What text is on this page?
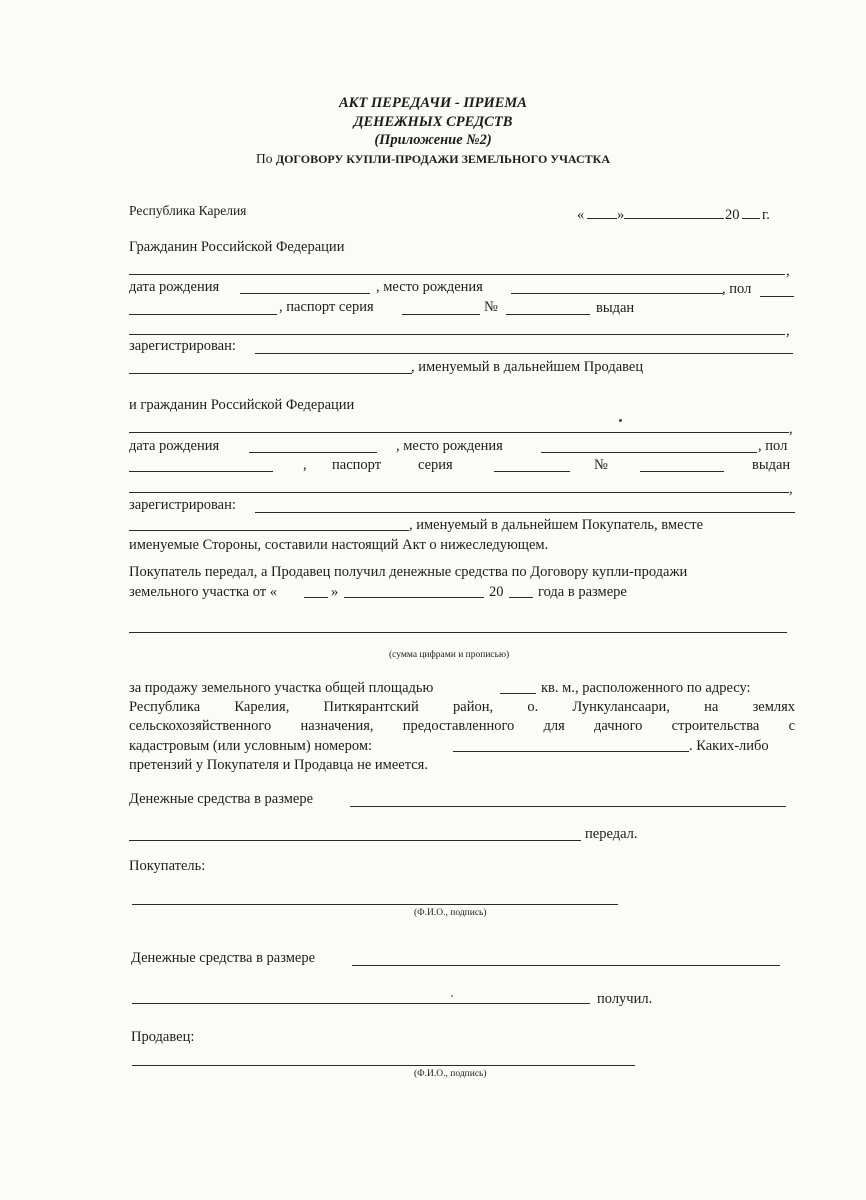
АКТ ПЕРЕДАЧИ - ПРИЕМА
ДЕНЕЖНЫХ СРЕДСТВ
(Приложение №2)
По ДОГОВОРУ КУПЛИ-ПРОДАЖИ ЗЕМЕЛЬНОГО УЧАСТКА
Республика Карелия	« »	20 г.
Гражданин Российской Федерации
,
дата рождения	, место рождения	, пол
, паспорт серия	№	выдан
,
зарегистрирован:
, именуемый в дальнейшем Продавец
и гражданин Российской Федерации
,
дата рождения	, место рождения	, пол
, паспорт	серия	№	выдан
,
зарегистрирован:
, именуемый в дальнейшем Покупатель, вместе
именуемые Стороны, составили настоящий Акт о нижеследующем.
Покупатель передал, а Продавец получил денежные средства по Договору купли-продажи
земельного участка от «	»	20 года в размере
(сумма цифрами и прописью)
за продажу земельного участка общей площадью	кв. м., расположенного по адресу:
Республика Карелия, Питкярантский район, о. Лункулансаари, на землях
сельскохозяйственного назначения, предоставленного для дачного строительства с
кадастровым (или условным) номером:	. Каких-либо
претензий у Покупателя и Продавца не имеется.
Денежные средства в размере
передал.
Покупатель:
(Ф.И.О., подпись)
Денежные средства в размере
получил.
Продавец:
(Ф.И.О., подпись)
